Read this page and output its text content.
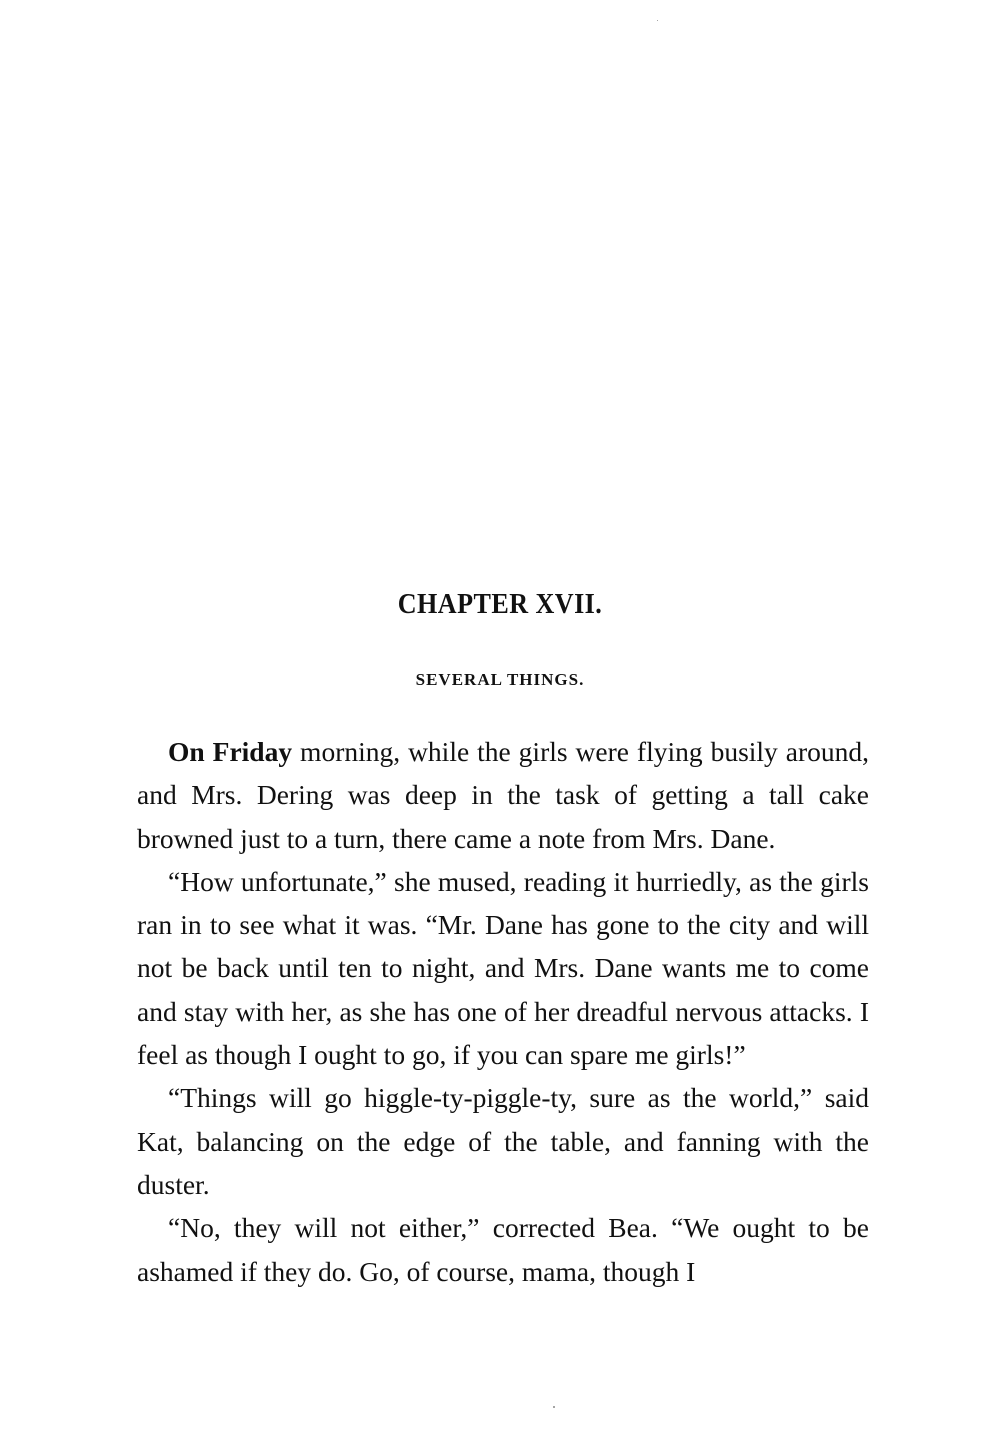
CHAPTER XVII.
SEVERAL THINGS.

On Friday morning, while the girls were flying busily around, and Mrs. Dering was deep in the task of getting a tall cake browned just to a turn, there came a note from Mrs. Dane.

“How unfortunate,” she mused, reading it hurriedly, as the girls ran in to see what it was. “Mr. Dane has gone to the city and will not be back until ten to night, and Mrs. Dane wants me to come and stay with her, as she has one of her dreadful nervous attacks. I feel as though I ought to go, if you can spare me girls!”

“Things will go higgle-ty-piggle-ty, sure as the world,” said Kat, balancing on the edge of the table, and fanning with the duster.

“No, they will not either,” corrected Bea. “We ought to be ashamed if they do. Go, of course, mama, though I
